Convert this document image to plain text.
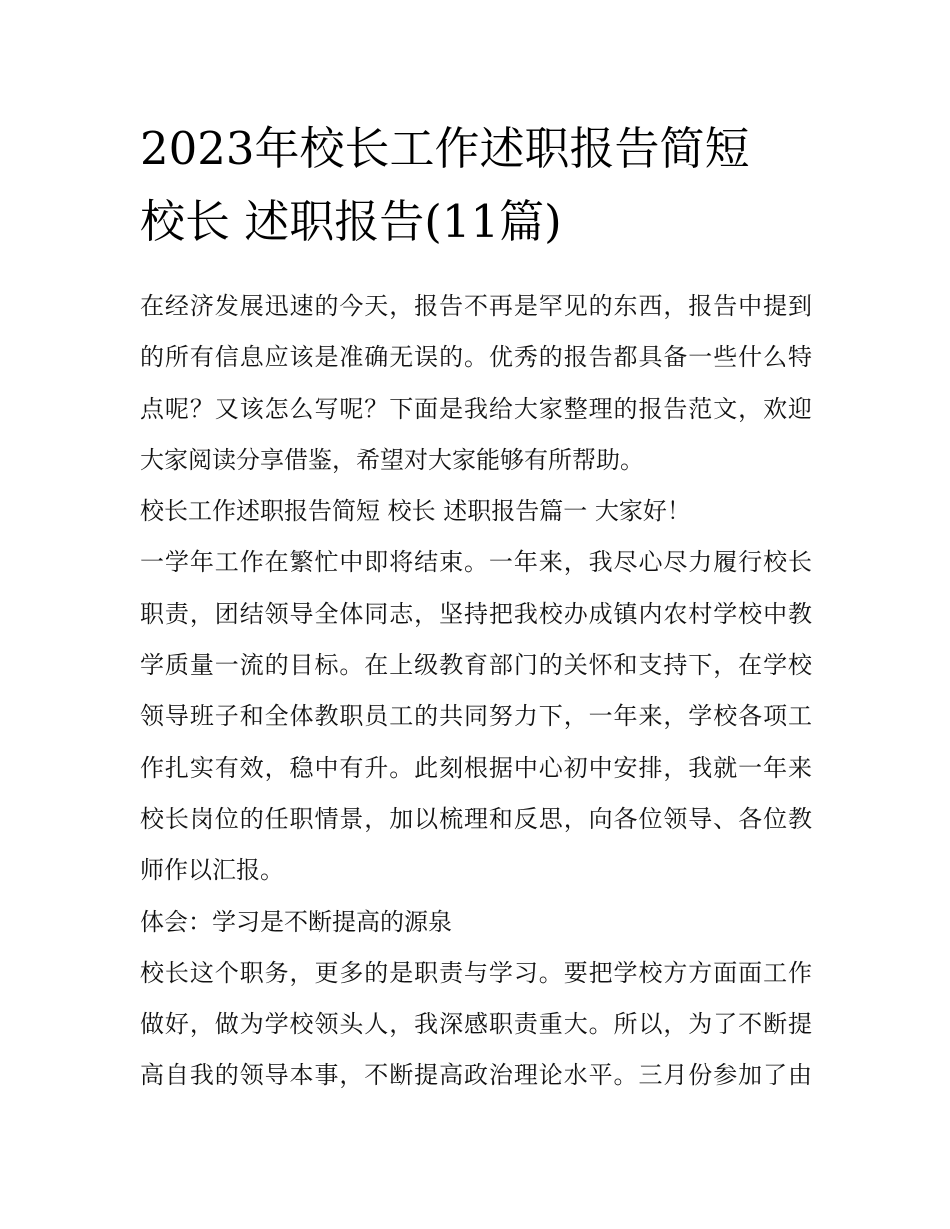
2023年校长工作述职报告简短
校长 述职报告(11篇)
在经济发展迅速的今天，报告不再是罕见的东西，报告中提到
的所有信息应该是准确无误的。优秀的报告都具备一些什么特
点呢？又该怎么写呢？下面是我给大家整理的报告范文，欢迎
大家阅读分享借鉴，希望对大家能够有所帮助。
校长工作述职报告简短 校长 述职报告篇一 大家好！
一学年工作在繁忙中即将结束。一年来，我尽心尽力履行校长
职责，团结领导全体同志，坚持把我校办成镇内农村学校中教
学质量一流的目标。在上级教育部门的关怀和支持下，在学校
领导班子和全体教职员工的共同努力下，一年来，学校各项工
作扎实有效，稳中有升。此刻根据中心初中安排，我就一年来
校长岗位的任职情景，加以梳理和反思，向各位领导、各位教
师作以汇报。
体会：学习是不断提高的源泉
校长这个职务，更多的是职责与学习。要把学校方方面面工作
做好，做为学校领头人，我深感职责重大。所以，为了不断提
高自我的领导本事，不断提高政治理论水平。三月份参加了由
